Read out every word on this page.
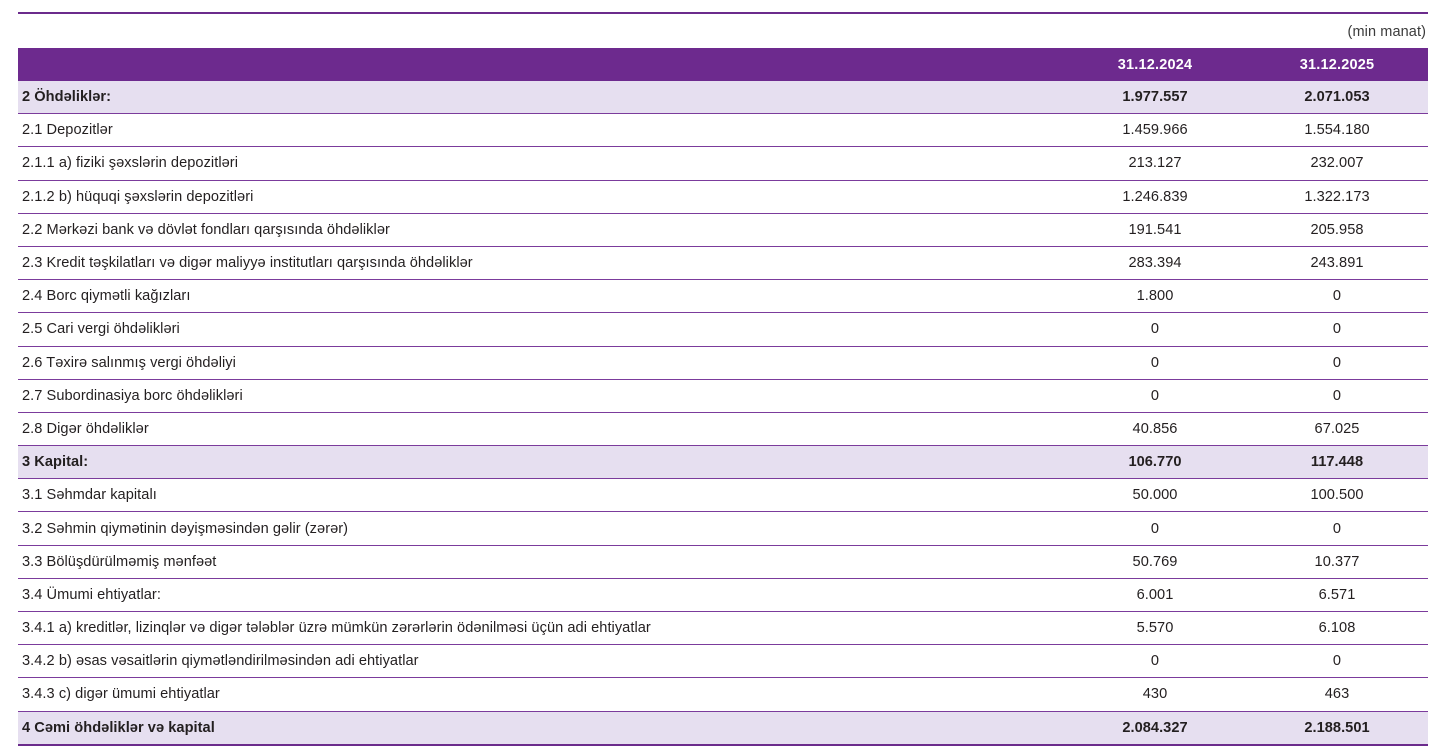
(min manat)
	31.12.2024	31.12.2025
2 Öhdəliklər:	1.977.557	2.071.053
2.1 Depozitlər	1.459.966	1.554.180
2.1.1 a) fiziki şəxslərin depozitləri	213.127	232.007
2.1.2 b) hüquqi şəxslərin depozitləri	1.246.839	1.322.173
2.2 Mərkəzi bank və dövlət fondları qarşısında öhdəliklər	191.541	205.958
2.3 Kredit təşkilatları və digər maliyyə institutları qarşısında öhdəliklər	283.394	243.891
2.4 Borc qiymətli kağızları	1.800	0
2.5 Cari vergi öhdəlikləri	0	0
2.6 Təxirə salınmış vergi öhdəliyi	0	0
2.7 Subordinasiya borc öhdəlikləri	0	0
2.8 Digər öhdəliklər	40.856	67.025
3 Kapital:	106.770	117.448
3.1 Səhmdar kapitalı	50.000	100.500
3.2 Səhmin qiymətinin dəyişməsindən gəlir (zərər)	0	0
3.3 Bölüşdürülməmiş mənfəət	50.769	10.377
3.4 Ümumi ehtiyatlar:	6.001	6.571
3.4.1 a) kreditlər, lizinqlər və digər tələblər üzrə mümkün zərərlərin ödənilməsi üçün adi ehtiyatlar	5.570	6.108
3.4.2 b) əsas vəsaitlərin qiymətləndirilməsindən adi ehtiyatlar	0	0
3.4.3 c) digər ümumi ehtiyatlar	430	463
4 Cəmi öhdəliklər və kapital	2.084.327	2.188.501
